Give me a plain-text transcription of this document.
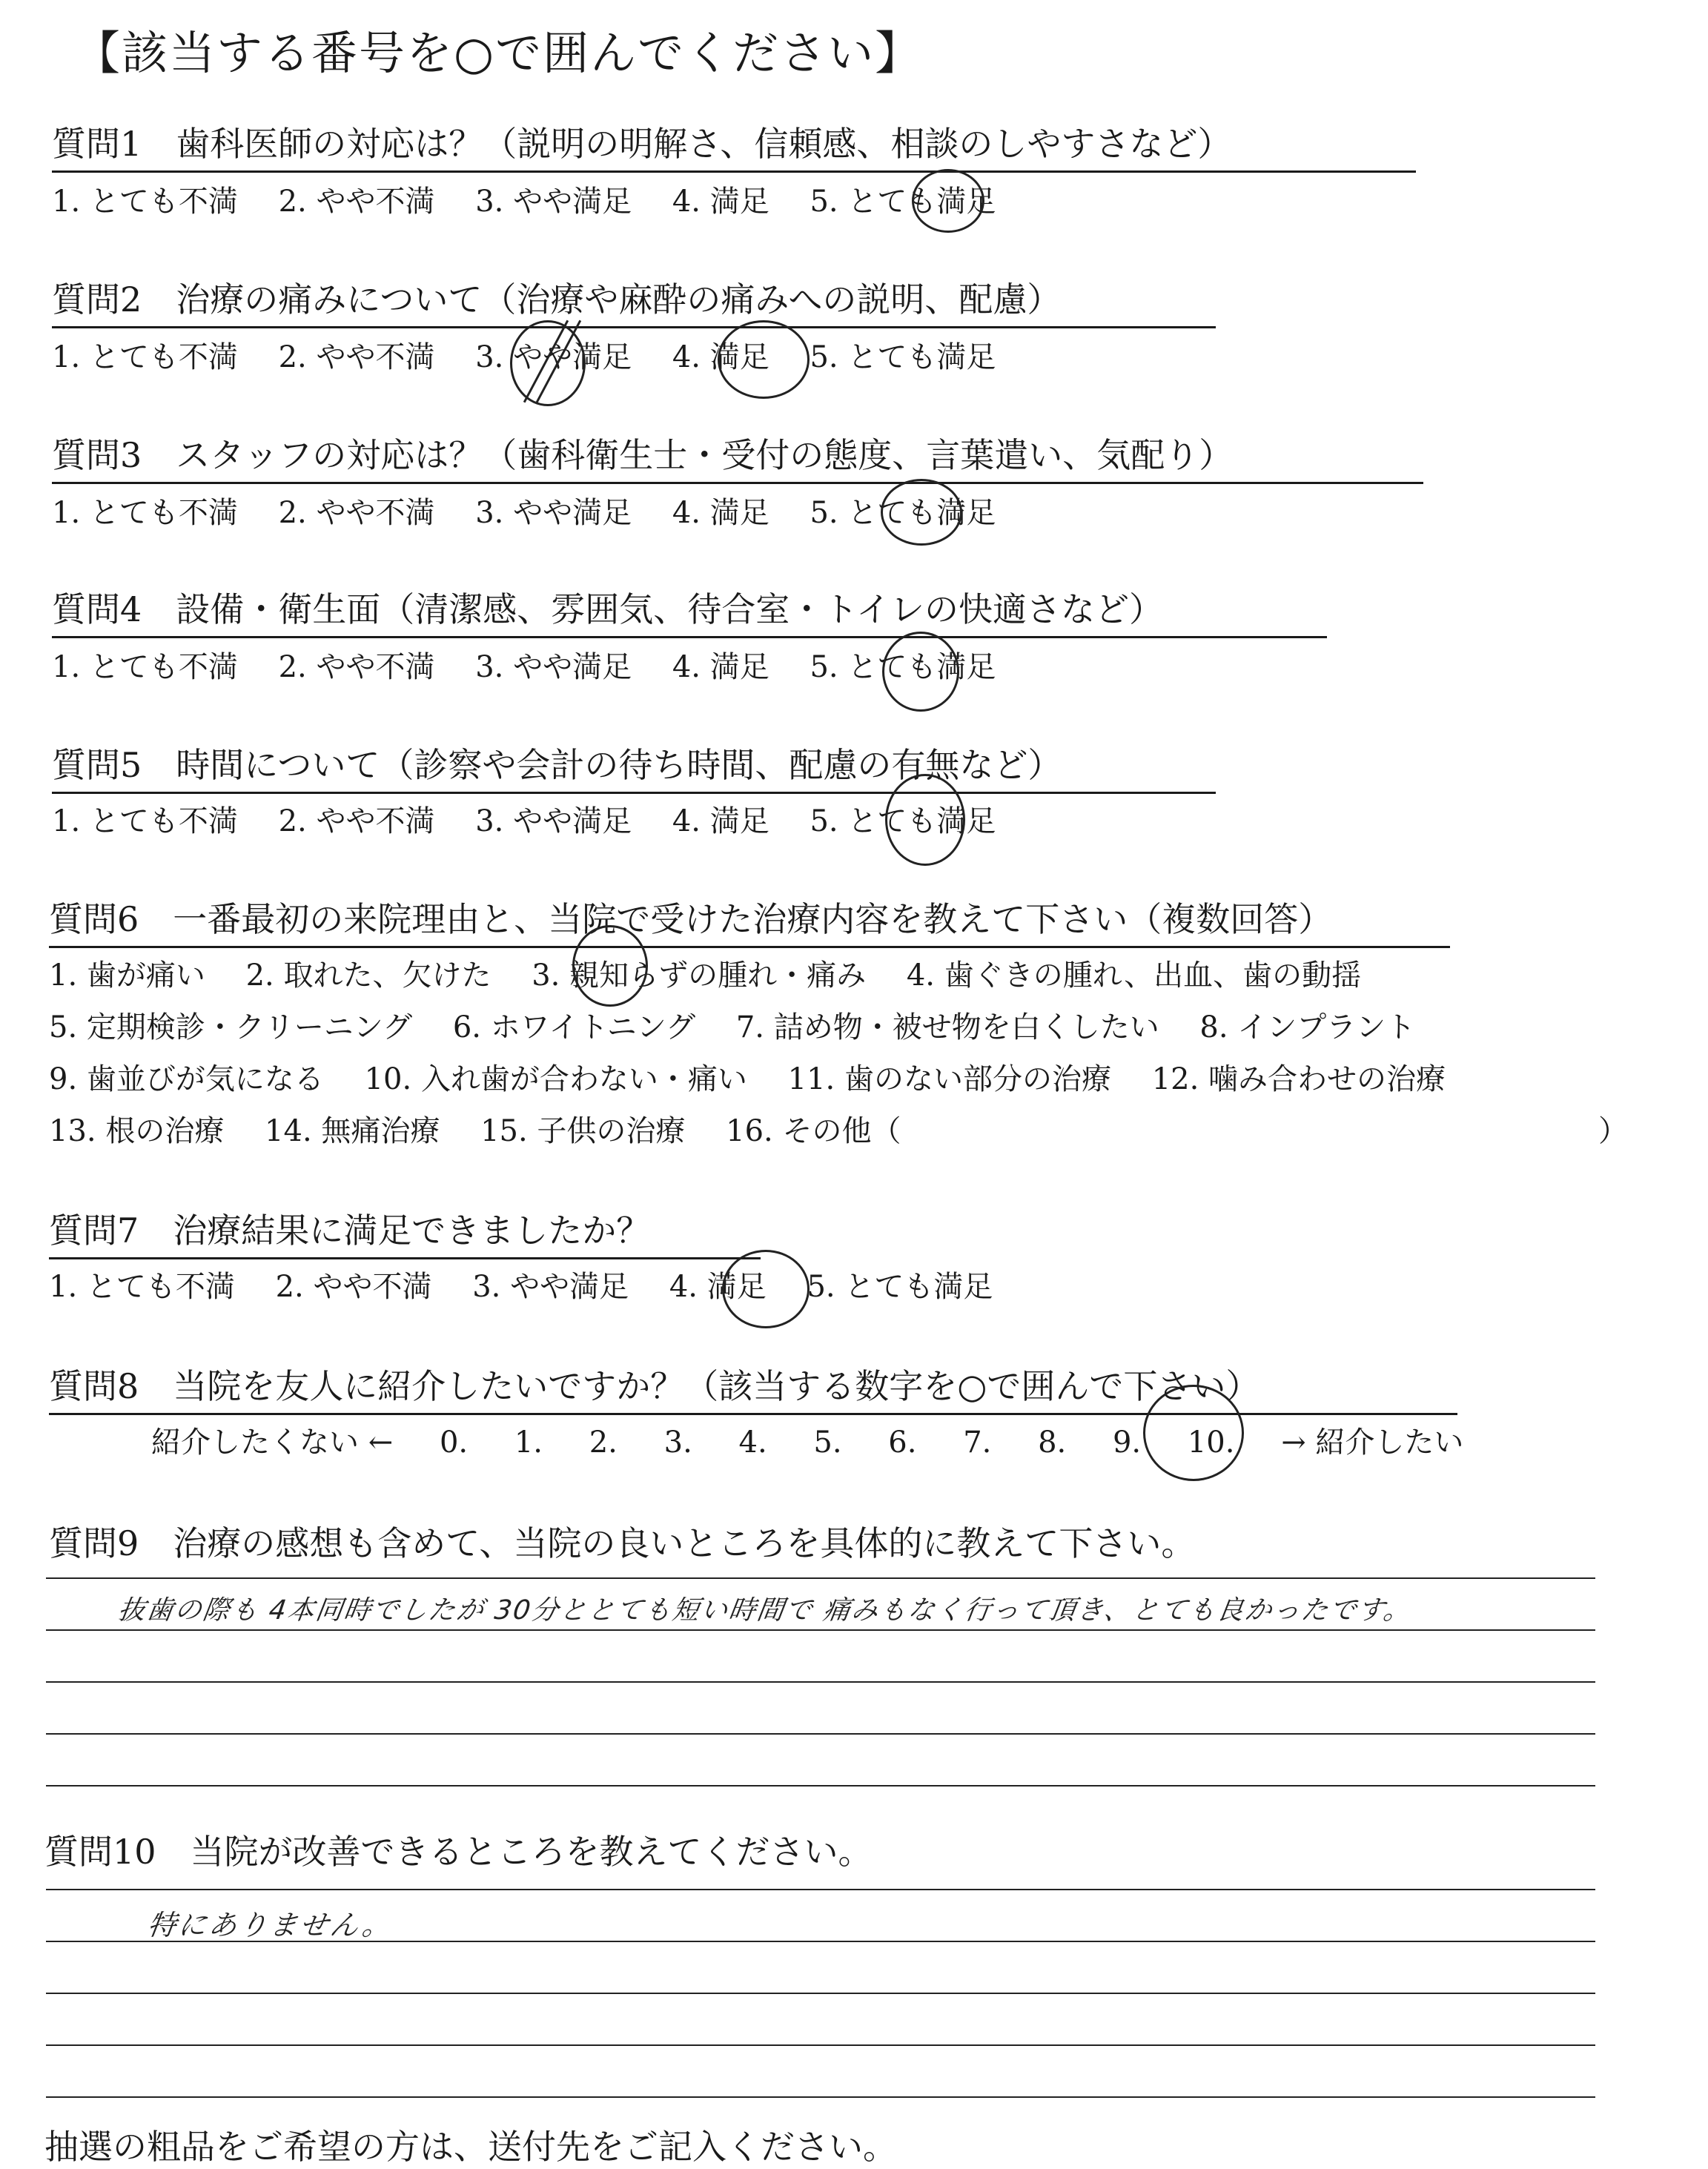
【該当する番号を○で囲んでください】
質問1　歯科医師の対応は？（説明の明解さ、信頼感、相談のしやすさなど）
1. とても不満 2. やや不満 3. やや満足 4. 満足 5. とても満足
質問2　治療の痛みについて（治療や麻酔の痛みへの説明、配慮）
1. とても不満 2. やや不満 3. やや満足 4. 満足 5. とても満足
質問3　スタッフの対応は？（歯科衛生士・受付の態度、言葉遣い、気配り）
1. とても不満 2. やや不満 3. やや満足 4. 満足 5. とても満足
質問4　設備・衛生面（清潔感、雰囲気、待合室・トイレの快適さなど）
1. とても不満 2. やや不満 3. やや満足 4. 満足 5. とても満足
質問5　時間について（診察や会計の待ち時間、配慮の有無など）
1. とても不満 2. やや不満 3. やや満足 4. 満足 5. とても満足
質問6　一番最初の来院理由と、当院で受けた治療内容を教えて下さい（複数回答）
1. 歯が痛い 2. 取れた、欠けた 3. 親知らずの腫れ・痛み 4. 歯ぐきの腫れ、出血、歯の動揺
5. 定期検診・クリーニング 6. ホワイトニング 7. 詰め物・被せ物を白くしたい 8. インプラント
9. 歯並びが気になる 10. 入れ歯が合わない・痛い 11. 歯のない部分の治療 12. 噛み合わせの治療
13. 根の治療 14. 無痛治療 15. 子供の治療 16. その他（	）
質問7　治療結果に満足できましたか？
1. とても不満 2. やや不満 3. やや満足 4. 満足 5. とても満足
質問8　当院を友人に紹介したいですか？（該当する数字を○で囲んで下さい）
紹介したくない ← 0. 1. 2. 3. 4. 5. 6. 7. 8. 9. 10. → 紹介したい
質問9　治療の感想も含めて、当院の良いところを具体的に教えて下さい。
抜歯の際も 4本同時でしたが 30分ととても短い時間で 痛みもなく行って頂き、とても良かったです。
質問10　当院が改善できるところを教えてください。
特にありません。
抽選の粗品をご希望の方は、送付先をご記入ください。
